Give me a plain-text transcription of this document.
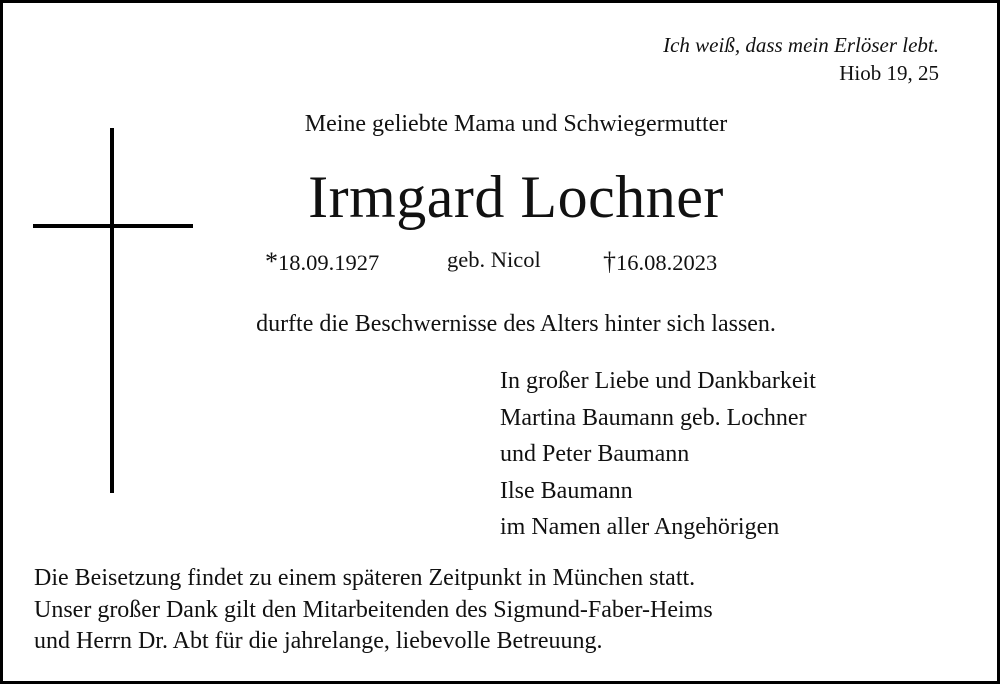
Ich weiß, dass mein Erlöser lebt.
Hiob 19, 25
Meine geliebte Mama und Schwiegermutter
Irmgard Lochner
*18.09.1927	geb. Nicol †16.08.2023
durfte die Beschwernisse des Alters hinter sich lassen.
In großer Liebe und Dankbarkeit
Martina Baumann geb. Lochner
und Peter Baumann
Ilse Baumann
im Namen aller Angehörigen
Die Beisetzung findet zu einem späteren Zeitpunkt in München statt.
Unser großer Dank gilt den Mitarbeitenden des Sigmund-Faber-Heims
und Herrn Dr. Abt für die jahrelange, liebevolle Betreuung.
